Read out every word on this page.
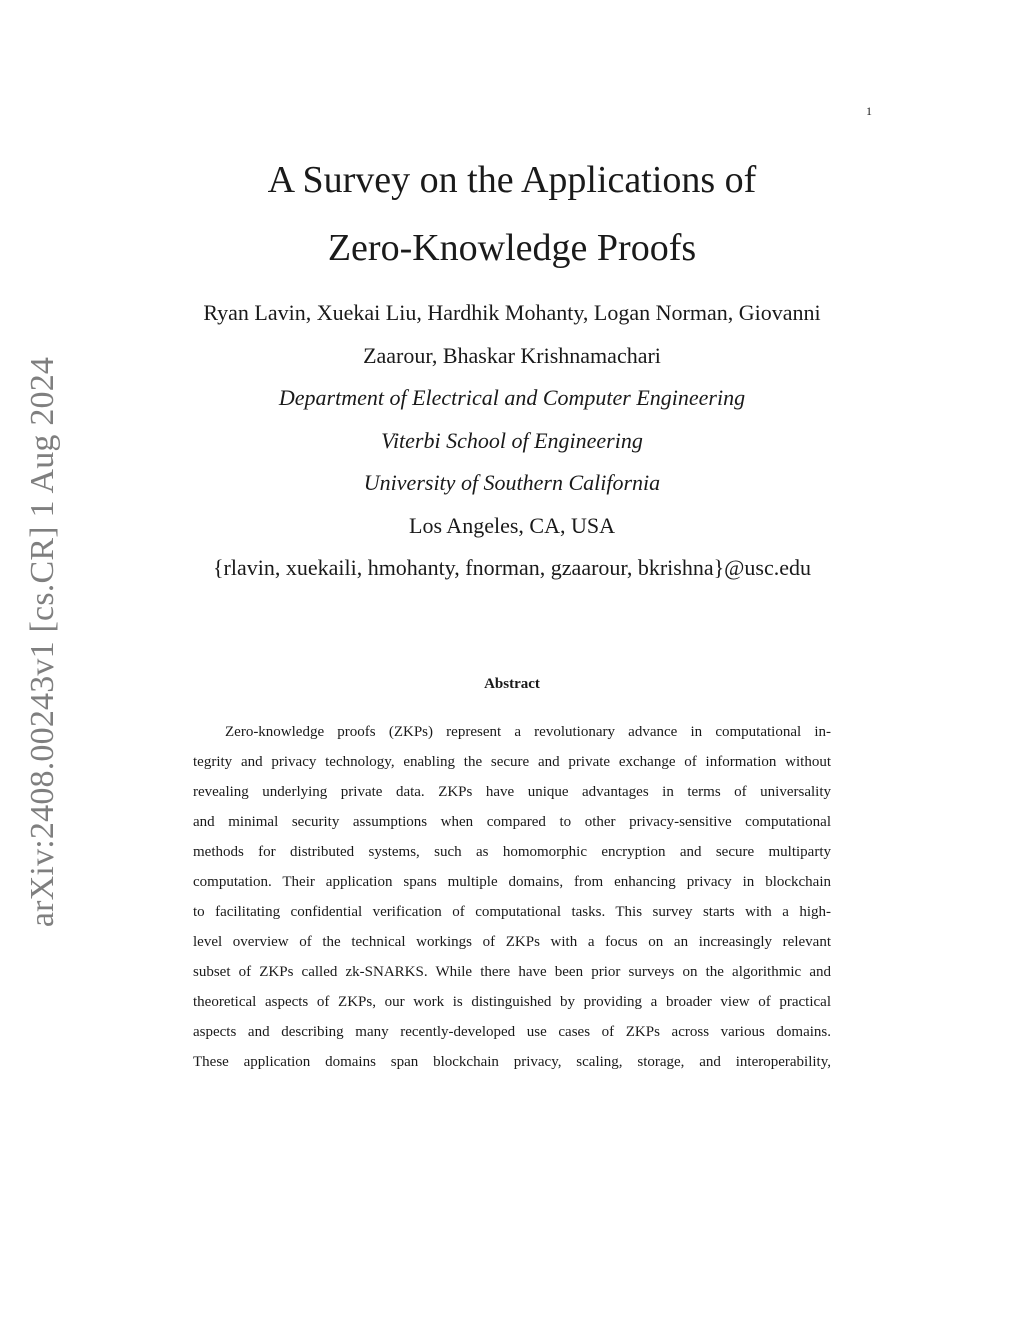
1
arXiv:2408.00243v1 [cs.CR] 1 Aug 2024
A Survey on the Applications of
Zero-Knowledge Proofs

Ryan Lavin, Xuekai Liu, Hardhik Mohanty, Logan Norman, Giovanni

Zaarour, Bhaskar Krishnamachari

Department of Electrical and Computer Engineering

Viterbi School of Engineering

University of Southern California

Los Angeles, CA, USA

{rlavin, xuekaili, hmohanty, fnorman, gzaarour, bkrishna}@usc.edu

Abstract
Zero-knowledge proofs (ZKPs) represent a revolutionary advance in computational in-
tegrity and privacy technology, enabling the secure and private exchange of information without
revealing underlying private data. ZKPs have unique advantages in terms of universality
and minimal security assumptions when compared to other privacy-sensitive computational
methods for distributed systems, such as homomorphic encryption and secure multiparty
computation. Their application spans multiple domains, from enhancing privacy in blockchain
to facilitating confidential verification of computational tasks. This survey starts with a high-
level overview of the technical workings of ZKPs with a focus on an increasingly relevant
subset of ZKPs called zk-SNARKS. While there have been prior surveys on the algorithmic and
theoretical aspects of ZKPs, our work is distinguished by providing a broader view of practical
aspects and describing many recently-developed use cases of ZKPs across various domains.
These application domains span blockchain privacy, scaling, storage, and interoperability,
